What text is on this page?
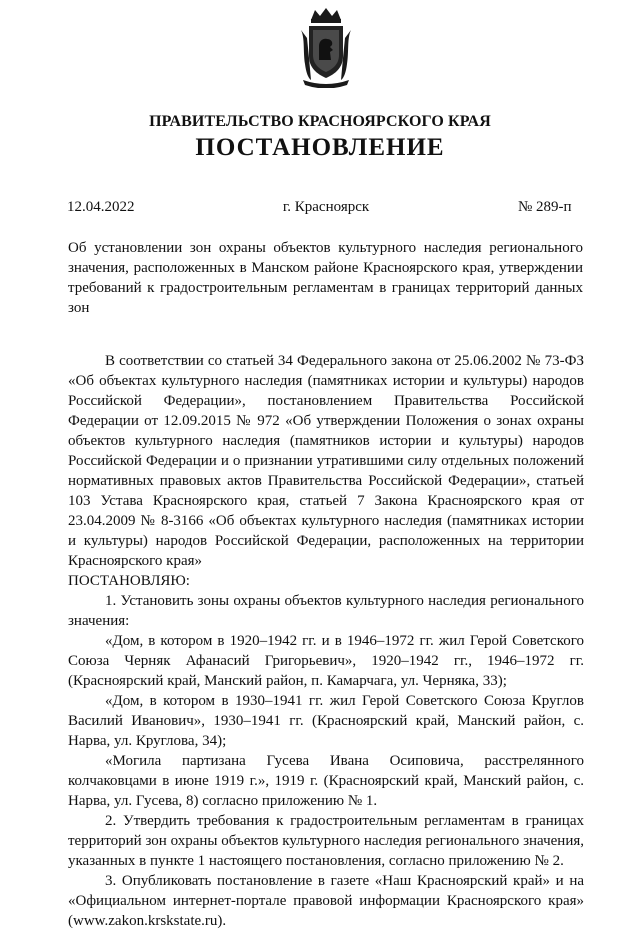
ПРАВИТЕЛЬСТВО КРАСНОЯРСКОГО КРАЯ
ПОСТАНОВЛЕНИЕ
12.04.2022	г. Красноярск	№ 289-п
Об установлении зон охраны объектов культурного наследия регионального значения, расположенных в Манском районе Красноярского края, утверждении требований к градостроительным регламентам в границах территорий данных зон

В соответствии со статьей 34 Федерального закона от 25.06.2002 № 73-ФЗ «Об объектах культурного наследия (памятниках истории и культуры) народов Российской Федерации», постановлением Правительства Российской Федерации от 12.09.2015 № 972 «Об утверждении Положения о зонах охраны объектов культурного наследия (памятников истории и культуры) народов Российской Федерации и о признании утратившими силу отдельных положений нормативных правовых актов Правительства Российской Федерации», статьей 103 Устава Красноярского края, статьей 7 Закона Красноярского края от 23.04.2009 № 8-3166 «Об объектах культурного наследия (памятниках истории и культуры) народов Российской Федерации, расположенных на территории Красноярского края»

ПОСТАНОВЛЯЮ:

1. Установить зоны охраны объектов культурного наследия регионального значения:

«Дом, в котором в 1920–1942 гг. и в 1946–1972 гг. жил Герой Советского Союза Черняк Афанасий Григорьевич», 1920–1942 гг., 1946–1972 гг. (Красноярский край, Манский район, п. Камарчага, ул. Черняка, 33);

«Дом, в котором в 1930–1941 гг. жил Герой Советского Союза Круглов Василий Иванович», 1930–1941 гг. (Красноярский край, Манский район, с. Нарва, ул. Круглова, 34);

«Могила партизана Гусева Ивана Осиповича, расстрелянного колчаковцами в июне 1919 г.», 1919 г. (Красноярский край, Манский район, с. Нарва, ул. Гусева, 8) согласно приложению № 1.

2. Утвердить требования к градостроительным регламентам в границах территорий зон охраны объектов культурного наследия регионального значения, указанных в пункте 1 настоящего постановления, согласно приложению № 2.

3. Опубликовать постановление в газете «Наш Красноярский край» и на «Официальном интернет-портале правовой информации Красноярского края» (www.zakon.krskstate.ru).
